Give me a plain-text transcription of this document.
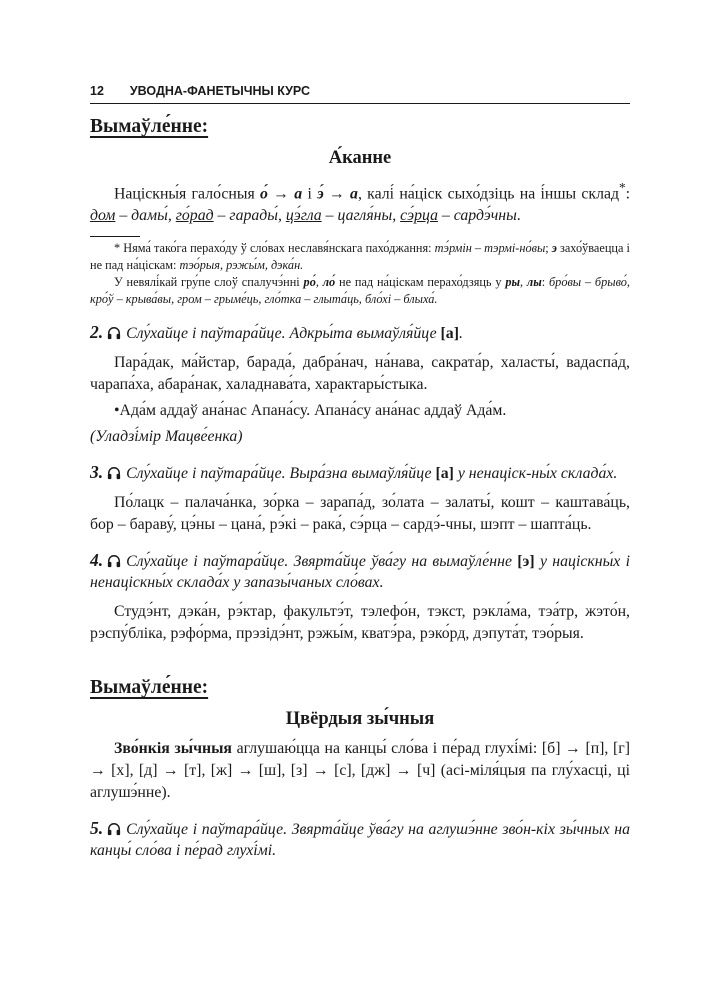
12 УВОДНА-ФАНЕТЫЧНЫ КУРС
Вымаўле́нне:
А́канне

Націскны́я гало́сныя о́ → а і э́ → а, калі́ на́ціск сыхо́дзіць на і́ншы склад*: дом – дамы́, го́рад – гарады́, цэ́гла – цагля́ны, сэ́рца – сардэ́чны.

* Няма́ тако́га перахо́ду ў сло́вах неславя́нскага пахо́джання: тэ́рмін – тэрмі-но́вы; э захо́ўваецца і не пад на́ціскам: тэо́рыя, рэжы́м, дэка́н.

У невялі́кай гру́пе слоў спалучэ́нні ро́, ло́ не пад на́ціскам перахо́дзяць у ры, лы: бро́вы – брыво́, кро́ў – крыва́вы, гром – грыме́ць, гло́тка – глыта́ць, бло́хі – блыха́.

2. Слу́хайце і паўтара́йце. Адкры́та вымаўля́йце [а].

Пара́дак, ма́йстар, барада́, дабра́нач, на́нава, сакрата́р, халасты́, вадаспа́д, чарапа́ха, абара́нак, халаднава́та, характары́стыка.

•Ада́м аддаў ана́нас Апана́су. Апана́су ана́нас аддаў Ада́м.

(Уладзі́мір Мацве́енка)

3. Слу́хайце і паўтара́йце. Выра́зна вымаўля́йце [а] у ненаціск-ны́х склада́х.

По́лацк – палача́нка, зо́рка – зарапа́д, зо́лата – залаты́, кошт – каштава́ць, бор – бараву́, цэ́ны – цана́, рэ́кі – рака́, сэ́рца – сардэ́-чны, шэпт – шапта́ць.

4. Слу́хайце і паўтара́йце. Звярта́йце ўва́гу на вымаўле́нне [э] у націскны́х і ненаціскны́х склада́х у запазы́чаных сло́вах.

Студэ́нт, дэка́н, рэ́ктар, факультэ́т, тэлефо́н, тэкст, рэкла́ма, тэа́тр, жэто́н, рэспу́бліка, рэфо́рма, прэзідэ́нт, рэжы́м, кватэ́ра, рэко́рд, дэпута́т, тэо́рыя.

Вымаўле́нне:
Цвёрдыя зы́чныя

Зво́нкія зы́чныя аглушаю́цца на канцы́ сло́ва і пе́рад глухі́мі: [б] → [п], [г] → [х], [д] → [т], [ж] → [ш], [з] → [с], [дж] → [ч] (асі-міля́цыя па глу́хасці, ці аглушэ́нне).

5. Слу́хайце і паўтара́йце. Звярта́йце ўва́гу на аглушэ́нне зво́н-кіх зы́чных на канцы́ сло́ва і пе́рад глухі́мі.
